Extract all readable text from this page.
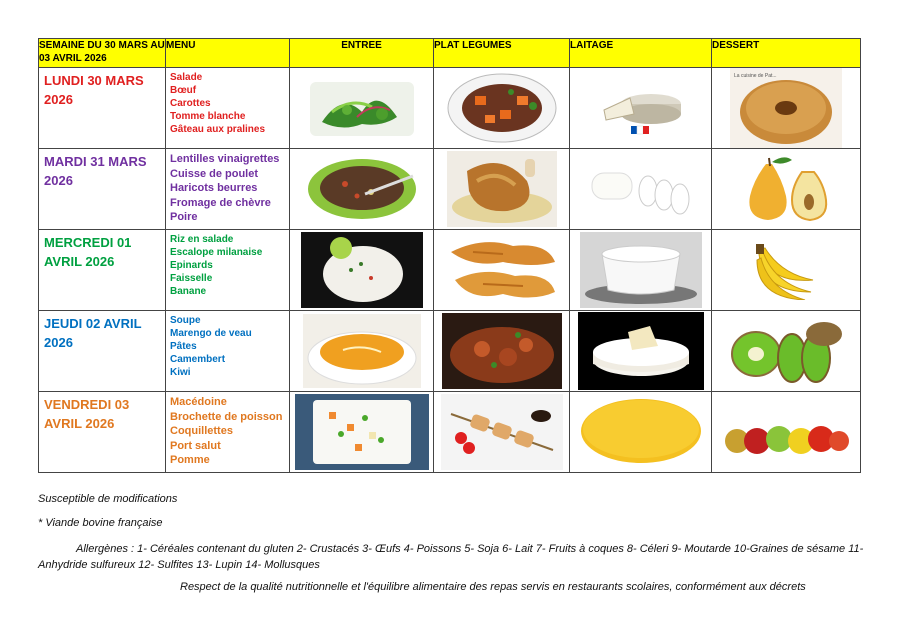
SEMAINE DU 30 MARS AU 03 AVRIL 2026	MENU	ENTREE	PLAT LEGUMES	LAITAGE	DESSERT

LUNDI 30 MARS 2026	Salade
Bœuf
Carottes
Tomme blanche
Gâteau aux pralines				La cuisine de Pat...

MARDI 31 MARS 2026	Lentilles vinaigrettes
Cuisse de poulet
Haricots beurres
Fromage de chèvre
Poire

MERCREDI 01 AVRIL 2026	Riz en salade
Escalope milanaise
Epinards
Faisselle
Banane

JEUDI 02 AVRIL 2026	Soupe
Marengo de veau
Pâtes
Camembert
Kiwi

VENDREDI 03 AVRIL 2026	Macédoine
Brochette de poisson
Coquillettes
Port salut
Pomme

Susceptible de modifications
* Viande bovine française
Allergènes : 1- Céréales contenant du gluten 2- Crustacés 3- Œufs 4- Poissons 5- Soja 6- Lait 7- Fruits à coques 8- Céleri 9- Moutarde 10-Graines de sésame 11-Anhydride sulfureux 12- Sulfites 13- Lupin 14- Mollusques
Respect de la qualité nutritionnelle et l'équilibre alimentaire des repas servis en restaurants scolaires, conformément aux décrets
